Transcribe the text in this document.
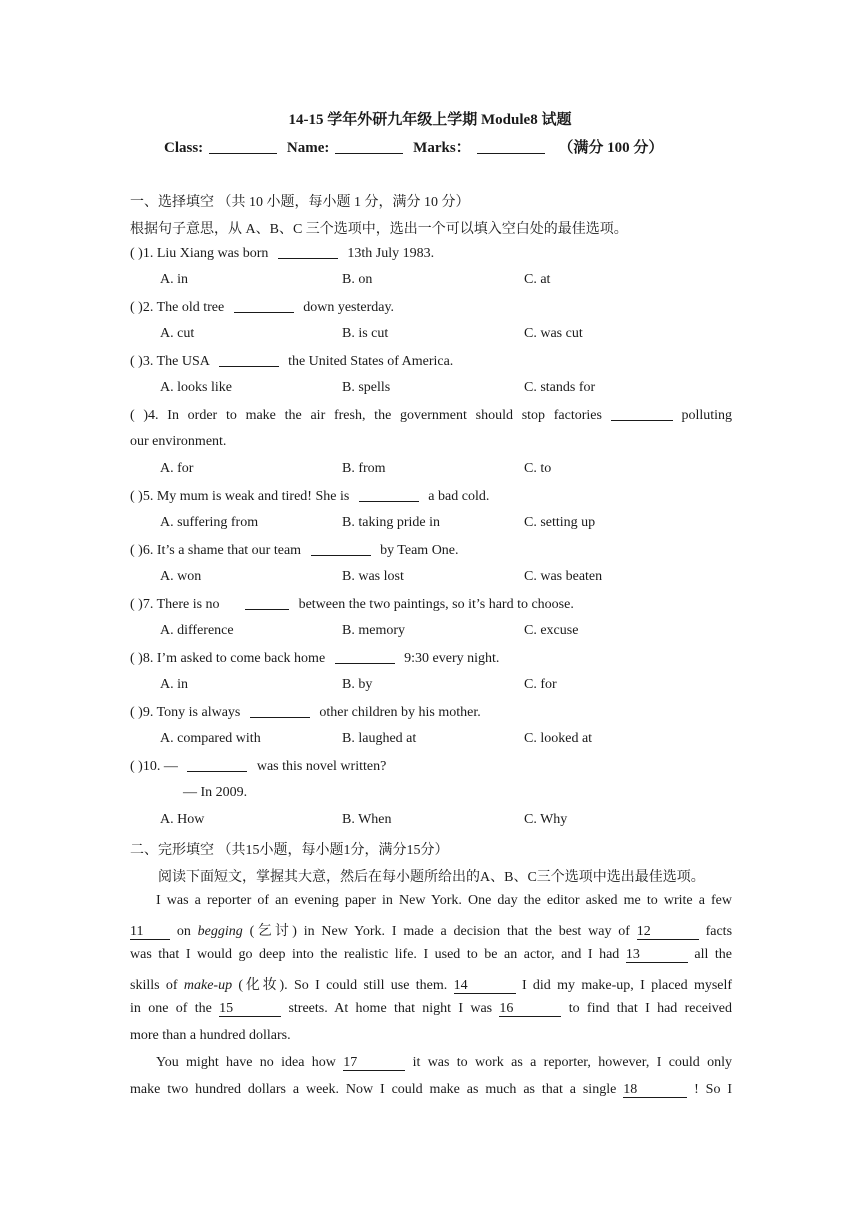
14-15 学年外研九年级上学期 Module8 试题
Class:	Name:	Marks：	（满分 100 分）
一、选择填空 （共 10 小题，每小题 1 分，满分 10 分）
根据句子意思，从 A、B、C 三个选项中，选出一个可以填入空白处的最佳选项。
( )1. Liu Xiang was born	13th July 1983.
A. in	B. on	C. at
( )2. The old tree	down yesterday.
A. cut	B. is cut	C. was cut
( )3. The USA	the United States of America.
A. looks like	B. spells	C. stands for
( )4. In order to make the air fresh, the government should stop factories	polluting
our environment.
A. for	B. from	C. to
( )5. My mum is weak and tired! She is	a bad cold.
A. suffering from	B. taking pride in	C. setting up
( )6. It’s a shame that our team	by Team One.
A. won	B. was lost	C. was beaten
( )7. There is no	between the two paintings, so it’s hard to choose.
A. difference	B. memory	C. excuse
( )8. I’m asked to come back home	9:30 every night.
A. in	B. by	C. for
( )9. Tony is always	other children by his mother.
A. compared with	B. laughed at	C. looked at
( )10. —	was this novel written?
— In 2009.
A. How	B. When	C. Why
二、完形填空 （共15小题，每小题1分，满分15分）
阅读下面短文，掌握其大意，然后在每小题所给出的A、B、C三个选项中选出最佳选项。
I was a reporter of an evening paper in New York. One day the editor asked me to write a few
11 on begging (乞讨) in New York. I made a decision that the best way of 12	facts
was that I would go deep into the realistic life. I used to be an actor, and I had 13	all the
skills of make-up (化妆). So I could still use them. 14	I did my make-up, I placed myself
in one of the 15	streets. At home that night I was 16	to find that I had received
more than a hundred dollars.
You might have no idea how 17	it was to work as a reporter, however, I could only
make two hundred dollars a week. Now I could make as much as that a single 18	! So I
